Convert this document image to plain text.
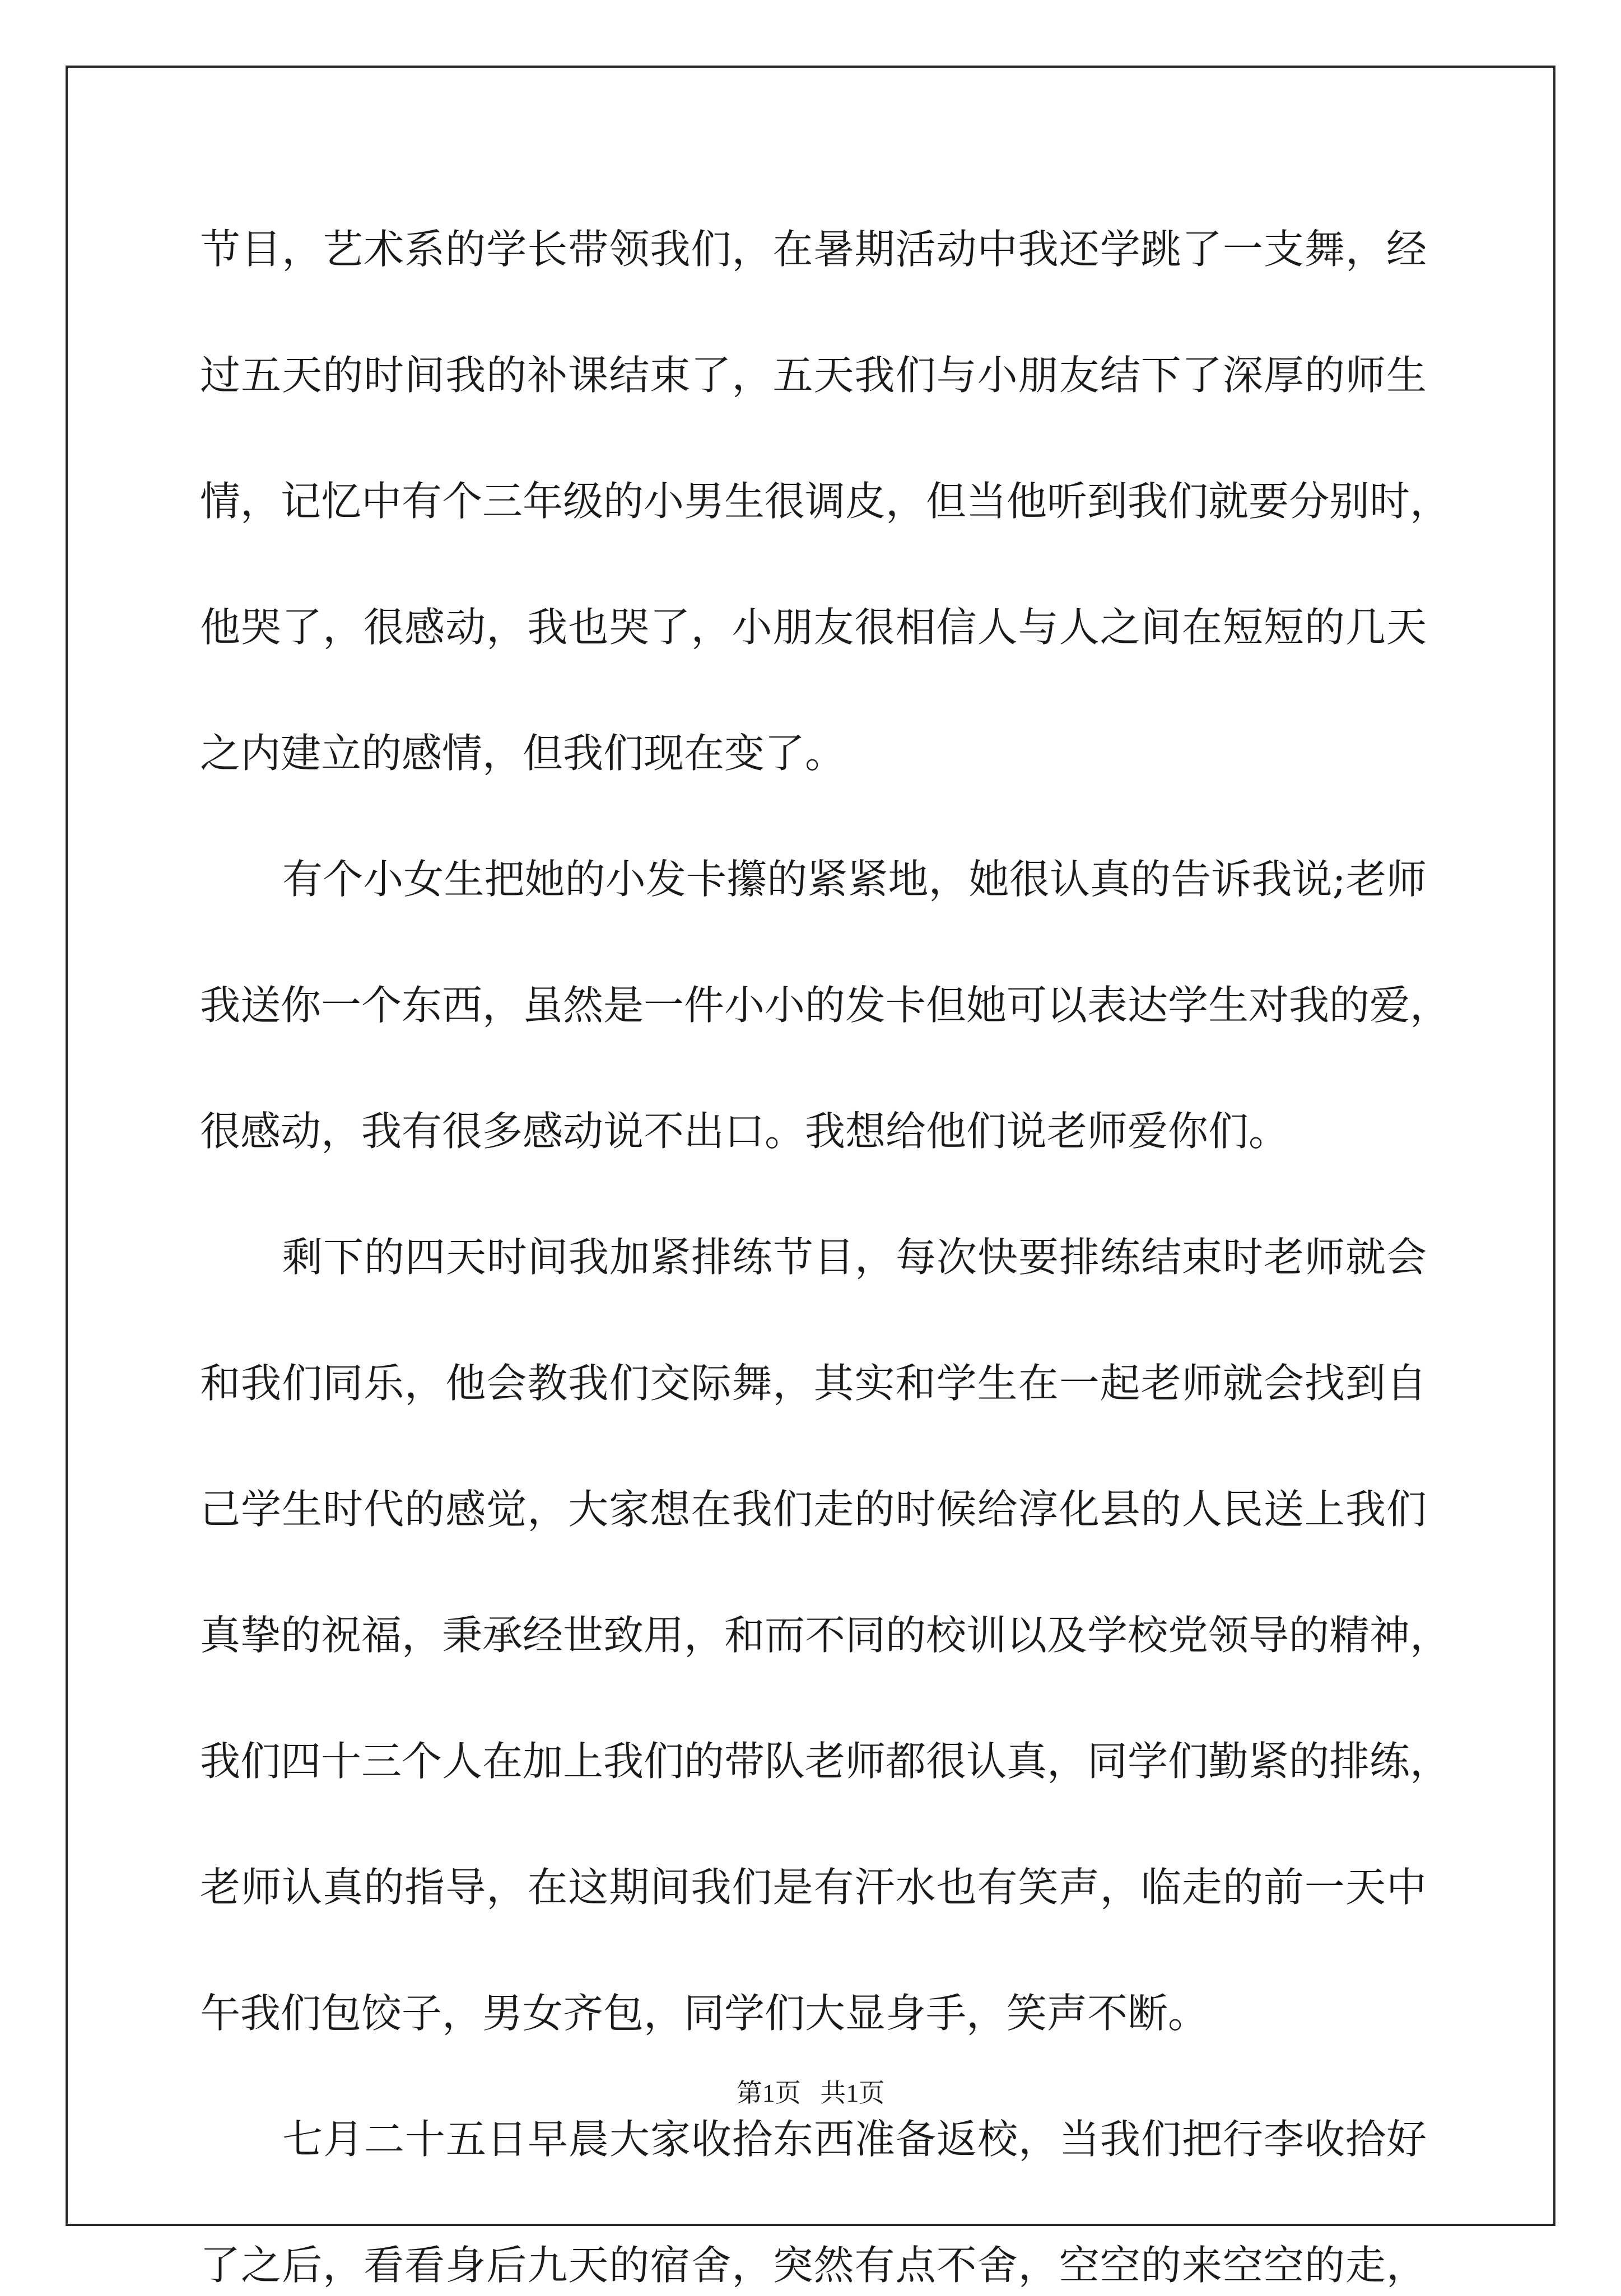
节目，艺术系的学长带领我们，在暑期活动中我还学跳了一支舞，经
过五天的时间我的补课结束了，五天我们与小朋友结下了深厚的师生
情，记忆中有个三年级的小男生很调皮，但当他听到我们就要分别时，
他哭了，很感动，我也哭了，小朋友很相信人与人之间在短短的几天
之内建立的感情，但我们现在变了。
有个小女生把她的小发卡攥的紧紧地，她很认真的告诉我说;老师
我送你一个东西，虽然是一件小小的发卡但她可以表达学生对我的爱，
很感动，我有很多感动说不出口。我想给他们说老师爱你们。
剩下的四天时间我加紧排练节目，每次快要排练结束时老师就会
和我们同乐，他会教我们交际舞，其实和学生在一起老师就会找到自
己学生时代的感觉，大家想在我们走的时候给淳化县的人民送上我们
真挚的祝福，秉承经世致用，和而不同的校训以及学校党领导的精神，
我们四十三个人在加上我们的带队老师都很认真，同学们勤紧的排练，
老师认真的指导，在这期间我们是有汗水也有笑声，临走的前一天中
午我们包饺子，男女齐包，同学们大显身手，笑声不断。
七月二十五日早晨大家收拾东西准备返校，当我们把行李收拾好
了之后，看看身后九天的宿舍，突然有点不舍，空空的来空空的走，
第1页 共1页
